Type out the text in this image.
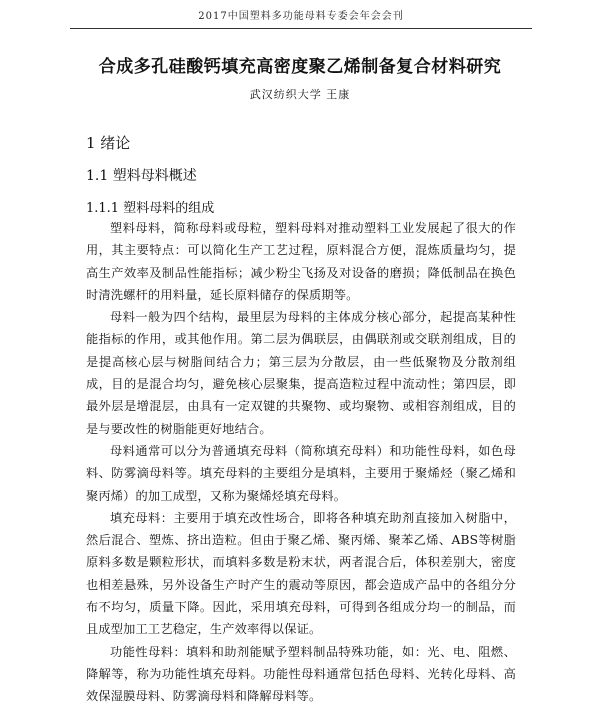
2017中国塑料多功能母料专委会年会会刊
合成多孔硅酸钙填充高密度聚乙烯制备复合材料研究
武汉纺织大学 王康
1 绪论
1.1 塑料母料概述
1.1.1 塑料母料的组成

塑料母料，简称母料或母粒，塑料母料对推动塑料工业发展起了很大的作用，其主要特点：可以简化生产工艺过程，原料混合方便，混炼质量均匀，提高生产效率及制品性能指标；减少粉尘飞扬及对设备的磨损；降低制品在换色时清洗螺杆的用料量，延长原料储存的保质期等。

母料一般为四个结构，最里层为母料的主体成分核心部分，起提高某种性能指标的作用，或其他作用。第二层为偶联层，由偶联剂或交联剂组成，目的是提高核心层与树脂间结合力；第三层为分散层，由一些低聚物及分散剂组成，目的是混合均匀，避免核心层聚集，提高造粒过程中流动性；第四层，即最外层是增混层，由具有一定双键的共聚物、或均聚物、或相容剂组成，目的是与要改性的树脂能更好地结合。

母料通常可以分为普通填充母料（简称填充母料）和功能性母料，如色母料、防雾滴母料等。填充母料的主要组分是填料，主要用于聚烯烃（聚乙烯和聚丙烯）的加工成型，又称为聚烯烃填充母料。

填充母料：主要用于填充改性场合，即将各种填充助剂直接加入树脂中，然后混合、塑炼、挤出造粒。但由于聚乙烯、聚丙烯、聚苯乙烯、ABS等树脂原料多数是颗粒形状，而填料多数是粉末状，两者混合后，体积差别大，密度也相差悬殊，另外设备生产时产生的震动等原因，都会造成产品中的各组分分布不均匀，质量下降。因此，采用填充母料，可得到各组成分均一的制品，而且成型加工工艺稳定，生产效率得以保证。

功能性母料：填料和助剂能赋予塑料制品特殊功能，如：光、电、阻燃、降解等，称为功能性填充母料。功能性母料通常包括色母料、光转化母料、高效保湿膜母料、防雾滴母料和降解母料等。
